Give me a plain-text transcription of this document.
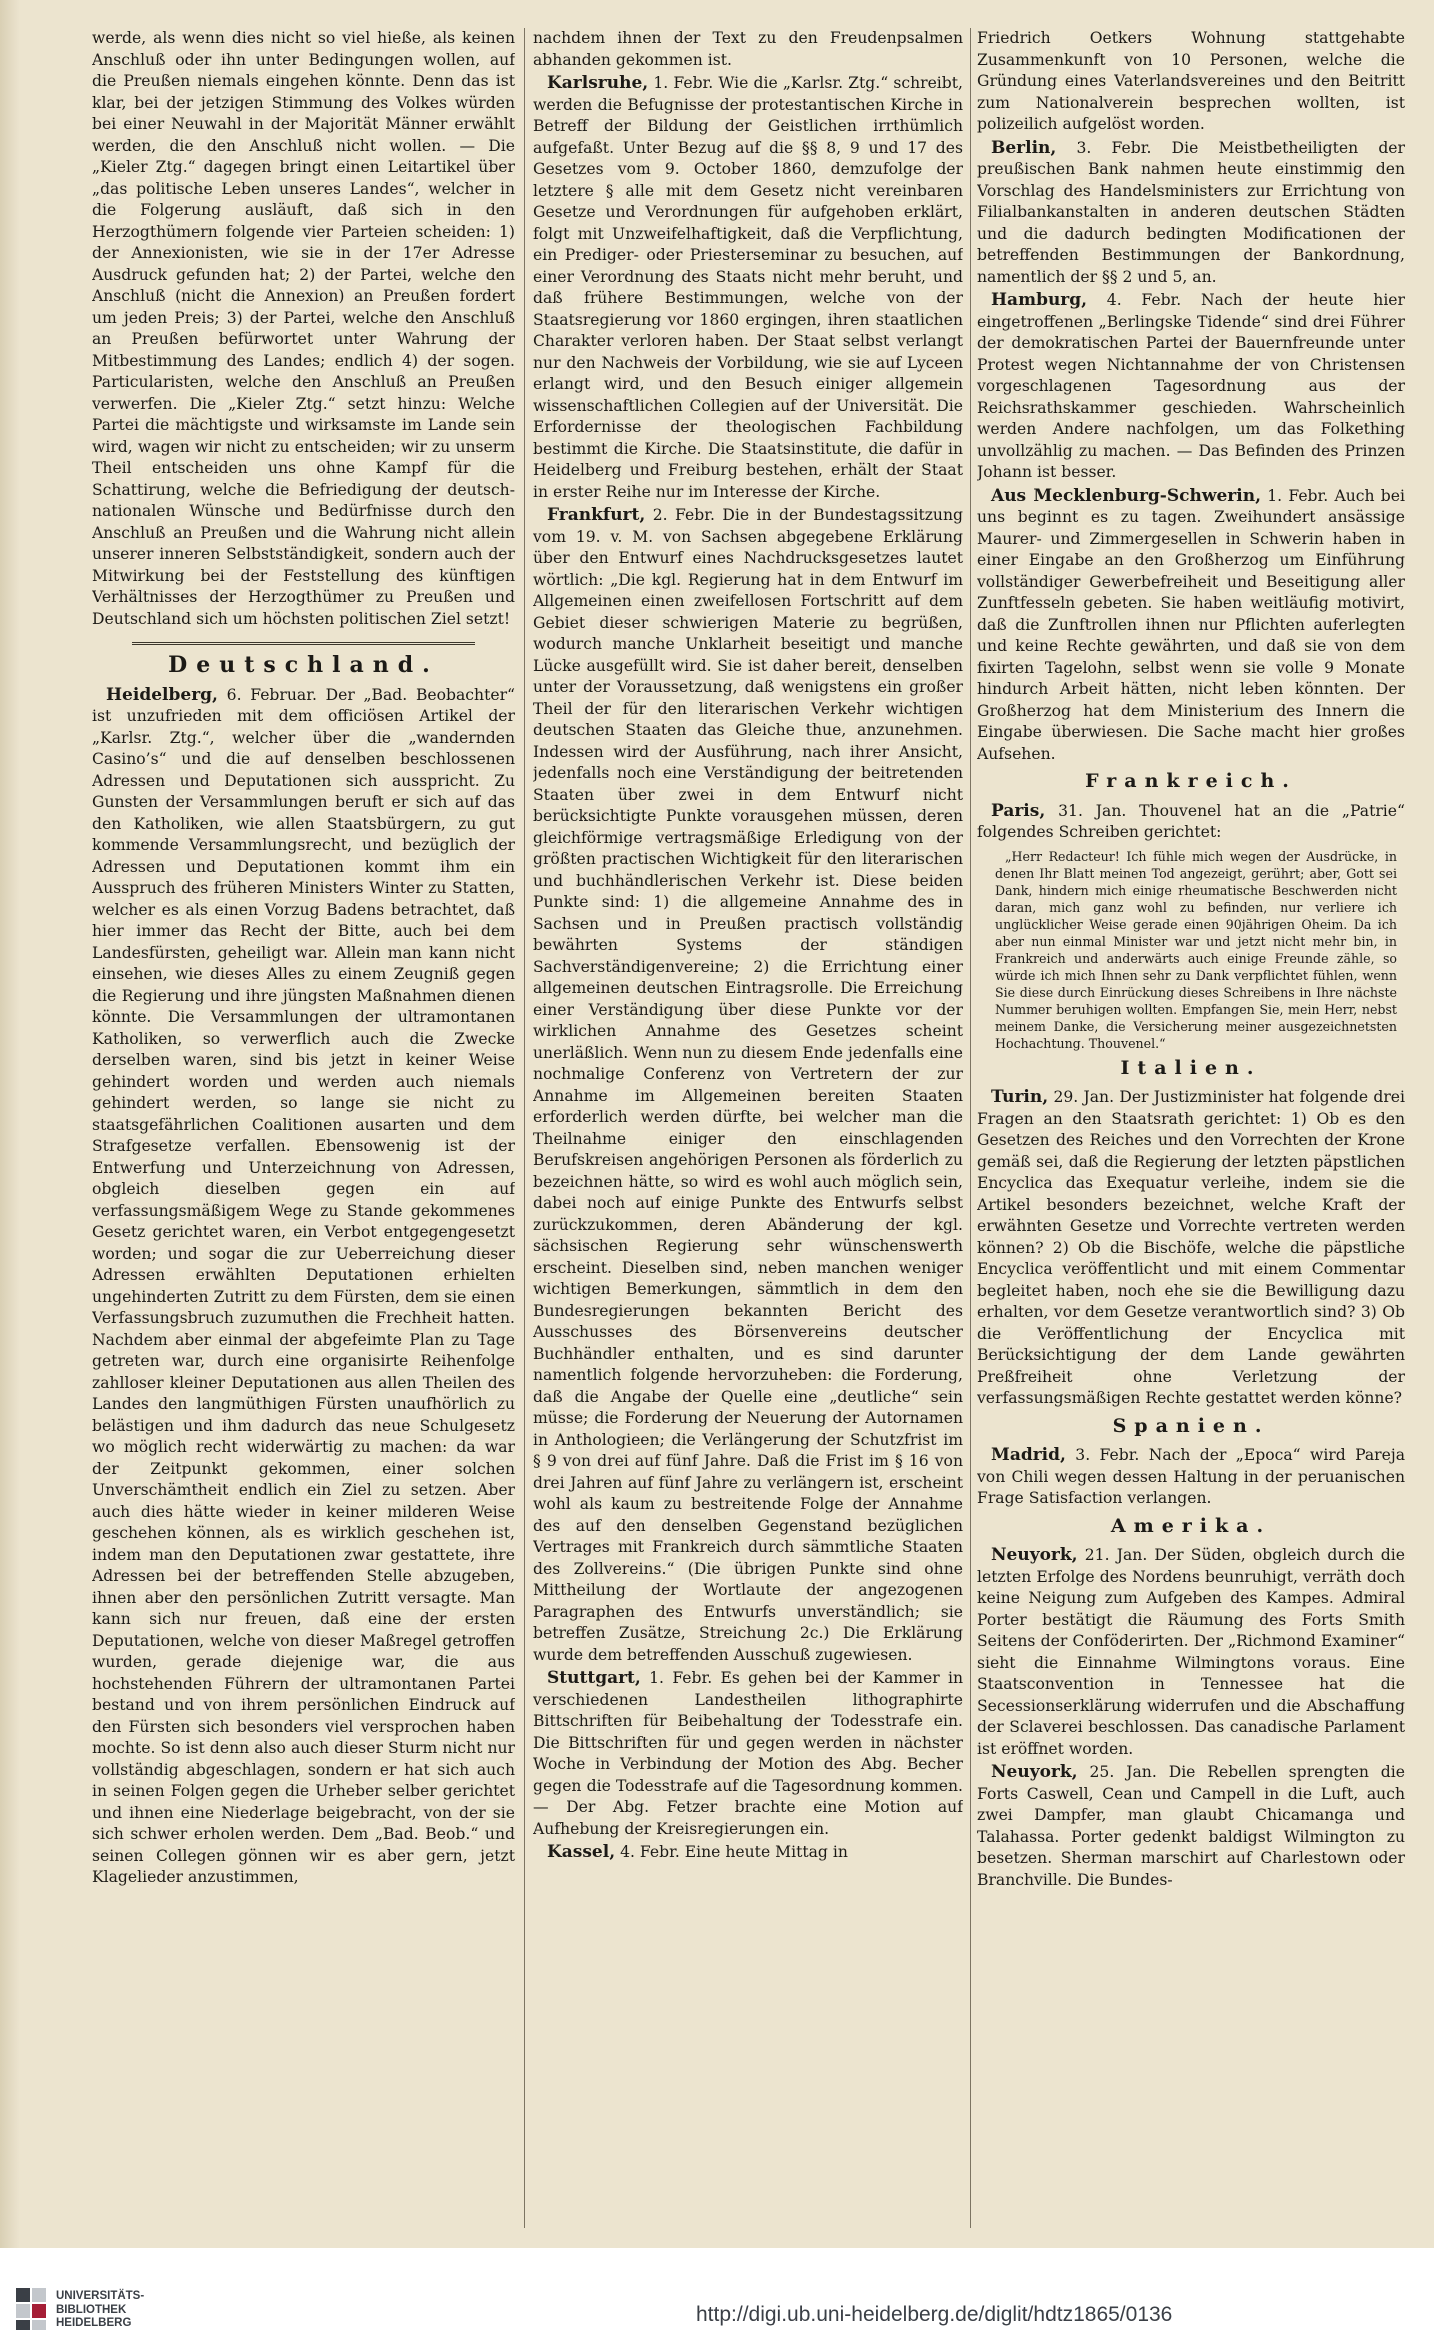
werde, als wenn dies nicht so viel hieße, als keinen Anschluß oder ihn unter Bedingungen wollen, auf die Preußen niemals eingehen könnte. Denn das ist klar, bei der jetzigen Stimmung des Volkes würden bei einer Neuwahl in der Majorität Männer erwählt werden, die den Anschluß nicht wollen. — Die „Kieler Ztg.“ dagegen bringt einen Leitartikel über „das politische Leben unseres Landes“, welcher in die Folgerung ausläuft, daß sich in den Herzogthümern folgende vier Parteien scheiden: 1) der Annexionisten, wie sie in der 17er Adresse Ausdruck gefunden hat; 2) der Partei, welche den Anschluß (nicht die Annexion) an Preußen fordert um jeden Preis; 3) der Partei, welche den Anschluß an Preußen befürwortet unter Wahrung der Mitbestimmung des Landes; endlich 4) der sogen. Particularisten, welche den Anschluß an Preußen verwerfen. Die „Kieler Ztg.“ setzt hinzu: Welche Partei die mächtigste und wirksamste im Lande sein wird, wagen wir nicht zu entscheiden; wir zu unserm Theil entscheiden uns ohne Kampf für die Schattirung, welche die Befriedigung der deutsch-nationalen Wünsche und Bedürfnisse durch den Anschluß an Preußen und die Wahrung nicht allein unserer inneren Selbstständigkeit, sondern auch der Mitwirkung bei der Feststellung des künftigen Verhältnisses der Herzogthümer zu Preußen und Deutschland sich um höchsten politischen Ziel setzt!

Deutschland.

Heidelberg, 6. Februar. Der „Bad. Beobachter“ ist unzufrieden mit dem officiösen Artikel der „Karlsr. Ztg.“, welcher über die „wandernden Casino’s“ und die auf denselben beschlossenen Adressen und Deputationen sich ausspricht. Zu Gunsten der Versammlungen beruft er sich auf das den Katholiken, wie allen Staatsbürgern, zu gut kommende Versammlungsrecht, und bezüglich der Adressen und Deputationen kommt ihm ein Ausspruch des früheren Ministers Winter zu Statten, welcher es als einen Vorzug Badens betrachtet, daß hier immer das Recht der Bitte, auch bei dem Landesfürsten, geheiligt war. Allein man kann nicht einsehen, wie dieses Alles zu einem Zeugniß gegen die Regierung und ihre jüngsten Maßnahmen dienen könnte. Die Versammlungen der ultramontanen Katholiken, so verwerflich auch die Zwecke derselben waren, sind bis jetzt in keiner Weise gehindert worden und werden auch niemals gehindert werden, so lange sie nicht zu staatsgefährlichen Coalitionen ausarten und dem Strafgesetze verfallen. Ebensowenig ist der Entwerfung und Unterzeichnung von Adressen, obgleich dieselben gegen ein auf verfassungsmäßigem Wege zu Stande gekommenes Gesetz gerichtet waren, ein Verbot entgegengesetzt worden; und sogar die zur Ueberreichung dieser Adressen erwählten Deputationen erhielten ungehinderten Zutritt zu dem Fürsten, dem sie einen Verfassungsbruch zuzumuthen die Frechheit hatten. Nachdem aber einmal der abgefeimte Plan zu Tage getreten war, durch eine organisirte Reihenfolge zahlloser kleiner Deputationen aus allen Theilen des Landes den langmüthigen Fürsten unaufhörlich zu belästigen und ihm dadurch das neue Schulgesetz wo möglich recht widerwärtig zu machen: da war der Zeitpunkt gekommen, einer solchen Unverschämtheit endlich ein Ziel zu setzen. Aber auch dies hätte wieder in keiner milderen Weise geschehen können, als es wirklich geschehen ist, indem man den Deputationen zwar gestattete, ihre Adressen bei der betreffenden Stelle abzugeben, ihnen aber den persönlichen Zutritt versagte. Man kann sich nur freuen, daß eine der ersten Deputationen, welche von dieser Maßregel getroffen wurden, gerade diejenige war, die aus hochstehenden Führern der ultramontanen Partei bestand und von ihrem persönlichen Eindruck auf den Fürsten sich besonders viel versprochen haben mochte. So ist denn also auch dieser Sturm nicht nur vollständig abgeschlagen, sondern er hat sich auch in seinen Folgen gegen die Urheber selber gerichtet und ihnen eine Niederlage beigebracht, von der sie sich schwer erholen werden. Dem „Bad. Beob.“ und seinen Collegen gönnen wir es aber gern, jetzt Klagelieder anzustimmen,

nachdem ihnen der Text zu den Freudenpsalmen abhanden gekommen ist.

Karlsruhe, 1. Febr. Wie die „Karlsr. Ztg.“ schreibt, werden die Befugnisse der protestantischen Kirche in Betreff der Bildung der Geistlichen irrthümlich aufgefaßt. Unter Bezug auf die §§ 8, 9 und 17 des Gesetzes vom 9. October 1860, demzufolge der letztere § alle mit dem Gesetz nicht vereinbaren Gesetze und Verordnungen für aufgehoben erklärt, folgt mit Unzweifelhaftigkeit, daß die Verpflichtung, ein Prediger- oder Priesterseminar zu besuchen, auf einer Verordnung des Staats nicht mehr beruht, und daß frühere Bestimmungen, welche von der Staatsregierung vor 1860 ergingen, ihren staatlichen Charakter verloren haben. Der Staat selbst verlangt nur den Nachweis der Vorbildung, wie sie auf Lyceen erlangt wird, und den Besuch einiger allgemein wissenschaftlichen Collegien auf der Universität. Die Erfordernisse der theologischen Fachbildung bestimmt die Kirche. Die Staatsinstitute, die dafür in Heidelberg und Freiburg bestehen, erhält der Staat in erster Reihe nur im Interesse der Kirche.

Frankfurt, 2. Febr. Die in der Bundestagssitzung vom 19. v. M. von Sachsen abgegebene Erklärung über den Entwurf eines Nachdrucksgesetzes lautet wörtlich: „Die kgl. Regierung hat in dem Entwurf im Allgemeinen einen zweifellosen Fortschritt auf dem Gebiet dieser schwierigen Materie zu begrüßen, wodurch manche Unklarheit beseitigt und manche Lücke ausgefüllt wird. Sie ist daher bereit, denselben unter der Voraussetzung, daß wenigstens ein großer Theil der für den literarischen Verkehr wichtigen deutschen Staaten das Gleiche thue, anzunehmen. Indessen wird der Ausführung, nach ihrer Ansicht, jedenfalls noch eine Verständigung der beitretenden Staaten über zwei in dem Entwurf nicht berücksichtigte Punkte vorausgehen müssen, deren gleichförmige vertragsmäßige Erledigung von der größten practischen Wichtigkeit für den literarischen und buchhändlerischen Verkehr ist. Diese beiden Punkte sind: 1) die allgemeine Annahme des in Sachsen und in Preußen practisch vollständig bewährten Systems der ständigen Sachverständigenvereine; 2) die Errichtung einer allgemeinen deutschen Eintragsrolle. Die Erreichung einer Verständigung über diese Punkte vor der wirklichen Annahme des Gesetzes scheint unerläßlich. Wenn nun zu diesem Ende jedenfalls eine nochmalige Conferenz von Vertretern der zur Annahme im Allgemeinen bereiten Staaten erforderlich werden dürfte, bei welcher man die Theilnahme einiger den einschlagenden Berufskreisen angehörigen Personen als förderlich zu bezeichnen hätte, so wird es wohl auch möglich sein, dabei noch auf einige Punkte des Entwurfs selbst zurückzukommen, deren Abänderung der kgl. sächsischen Regierung sehr wünschenswerth erscheint. Dieselben sind, neben manchen weniger wichtigen Bemerkungen, sämmtlich in dem den Bundesregierungen bekannten Bericht des Ausschusses des Börsenvereins deutscher Buchhändler enthalten, und es sind darunter namentlich folgende hervorzuheben: die Forderung, daß die Angabe der Quelle eine „deutliche“ sein müsse; die Forderung der Neuerung der Autornamen in Anthologieen; die Verlängerung der Schutzfrist im § 9 von drei auf fünf Jahre. Daß die Frist im § 16 von drei Jahren auf fünf Jahre zu verlängern ist, erscheint wohl als kaum zu bestreitende Folge der Annahme des auf den denselben Gegenstand bezüglichen Vertrages mit Frankreich durch sämmtliche Staaten des Zollvereins.“ (Die übrigen Punkte sind ohne Mittheilung der Wortlaute der angezogenen Paragraphen des Entwurfs unverständlich; sie betreffen Zusätze, Streichung 2c.) Die Erklärung wurde dem betreffenden Ausschuß zugewiesen.

Stuttgart, 1. Febr. Es gehen bei der Kammer in verschiedenen Landestheilen lithographirte Bittschriften für Beibehaltung der Todesstrafe ein. Die Bittschriften für und gegen werden in nächster Woche in Verbindung der Motion des Abg. Becher gegen die Todesstrafe auf die Tagesordnung kommen. — Der Abg. Fetzer brachte eine Motion auf Aufhebung der Kreisregierungen ein.

Kassel, 4. Febr. Eine heute Mittag in

Friedrich Oetkers Wohnung stattgehabte Zusammenkunft von 10 Personen, welche die Gründung eines Vaterlandsvereines und den Beitritt zum Nationalverein besprechen wollten, ist polizeilich aufgelöst worden.

Berlin, 3. Febr. Die Meistbetheiligten der preußischen Bank nahmen heute einstimmig den Vorschlag des Handelsministers zur Errichtung von Filialbankanstalten in anderen deutschen Städten und die dadurch bedingten Modificationen der betreffenden Bestimmungen der Bankordnung, namentlich der §§ 2 und 5, an.

Hamburg, 4. Febr. Nach der heute hier eingetroffenen „Berlingske Tidende“ sind drei Führer der demokratischen Partei der Bauernfreunde unter Protest wegen Nichtannahme der von Christensen vorgeschlagenen Tagesordnung aus der Reichsrathskammer geschieden. Wahrscheinlich werden Andere nachfolgen, um das Folkething unvollzählig zu machen. — Das Befinden des Prinzen Johann ist besser.

Aus Mecklenburg-Schwerin, 1. Febr. Auch bei uns beginnt es zu tagen. Zweihundert ansässige Maurer- und Zimmergesellen in Schwerin haben in einer Eingabe an den Großherzog um Einführung vollständiger Gewerbefreiheit und Beseitigung aller Zunftfesseln gebeten. Sie haben weitläufig motivirt, daß die Zunftrollen ihnen nur Pflichten auferlegten und keine Rechte gewährten, und daß sie von dem fixirten Tagelohn, selbst wenn sie volle 9 Monate hindurch Arbeit hätten, nicht leben könnten. Der Großherzog hat dem Ministerium des Innern die Eingabe überwiesen. Die Sache macht hier großes Aufsehen.

Frankreich.

Paris, 31. Jan. Thouvenel hat an die „Patrie“ folgendes Schreiben gerichtet:

„Herr Redacteur! Ich fühle mich wegen der Ausdrücke, in denen Ihr Blatt meinen Tod angezeigt, gerührt; aber, Gott sei Dank, hindern mich einige rheumatische Beschwerden nicht daran, mich ganz wohl zu befinden, nur verliere ich unglücklicher Weise gerade einen 90jährigen Oheim. Da ich aber nun einmal Minister war und jetzt nicht mehr bin, in Frankreich und anderwärts auch einige Freunde zähle, so würde ich mich Ihnen sehr zu Dank verpflichtet fühlen, wenn Sie diese durch Einrückung dieses Schreibens in Ihre nächste Nummer beruhigen wollten. Empfangen Sie, mein Herr, nebst meinem Danke, die Versicherung meiner ausgezeichnetsten Hochachtung. Thouvenel.“

Italien.

Turin, 29. Jan. Der Justizminister hat folgende drei Fragen an den Staatsrath gerichtet: 1) Ob es den Gesetzen des Reiches und den Vorrechten der Krone gemäß sei, daß die Regierung der letzten päpstlichen Encyclica das Exequatur verleihe, indem sie die Artikel besonders bezeichnet, welche Kraft der erwähnten Gesetze und Vorrechte vertreten werden können? 2) Ob die Bischöfe, welche die päpstliche Encyclica veröffentlicht und mit einem Commentar begleitet haben, noch ehe sie die Bewilligung dazu erhalten, vor dem Gesetze verantwortlich sind? 3) Ob die Veröffentlichung der Encyclica mit Berücksichtigung der dem Lande gewährten Preßfreiheit ohne Verletzung der verfassungsmäßigen Rechte gestattet werden könne?

Spanien.

Madrid, 3. Febr. Nach der „Epoca“ wird Pareja von Chili wegen dessen Haltung in der peruanischen Frage Satisfaction verlangen.

Amerika.

Neuyork, 21. Jan. Der Süden, obgleich durch die letzten Erfolge des Nordens beunruhigt, verräth doch keine Neigung zum Aufgeben des Kampes. Admiral Porter bestätigt die Räumung des Forts Smith Seitens der Conföderirten. Der „Richmond Examiner“ sieht die Einnahme Wilmingtons voraus. Eine Staatsconvention in Tennessee hat die Secessionserklärung widerrufen und die Abschaffung der Sclaverei beschlossen. Das canadische Parlament ist eröffnet worden.

Neuyork, 25. Jan. Die Rebellen sprengten die Forts Caswell, Cean und Campell in die Luft, auch zwei Dampfer, man glaubt Chicamanga und Talahassa. Porter gedenkt baldigst Wilmington zu besetzen. Sherman marschirt auf Charlestown oder Branchville. Die Bundes-

UNIVERSITÄTS-
BIBLIOTHEK
HEIDELBERG	http://digi.ub.uni-heidelberg.de/diglit/hdtz1865/0136
